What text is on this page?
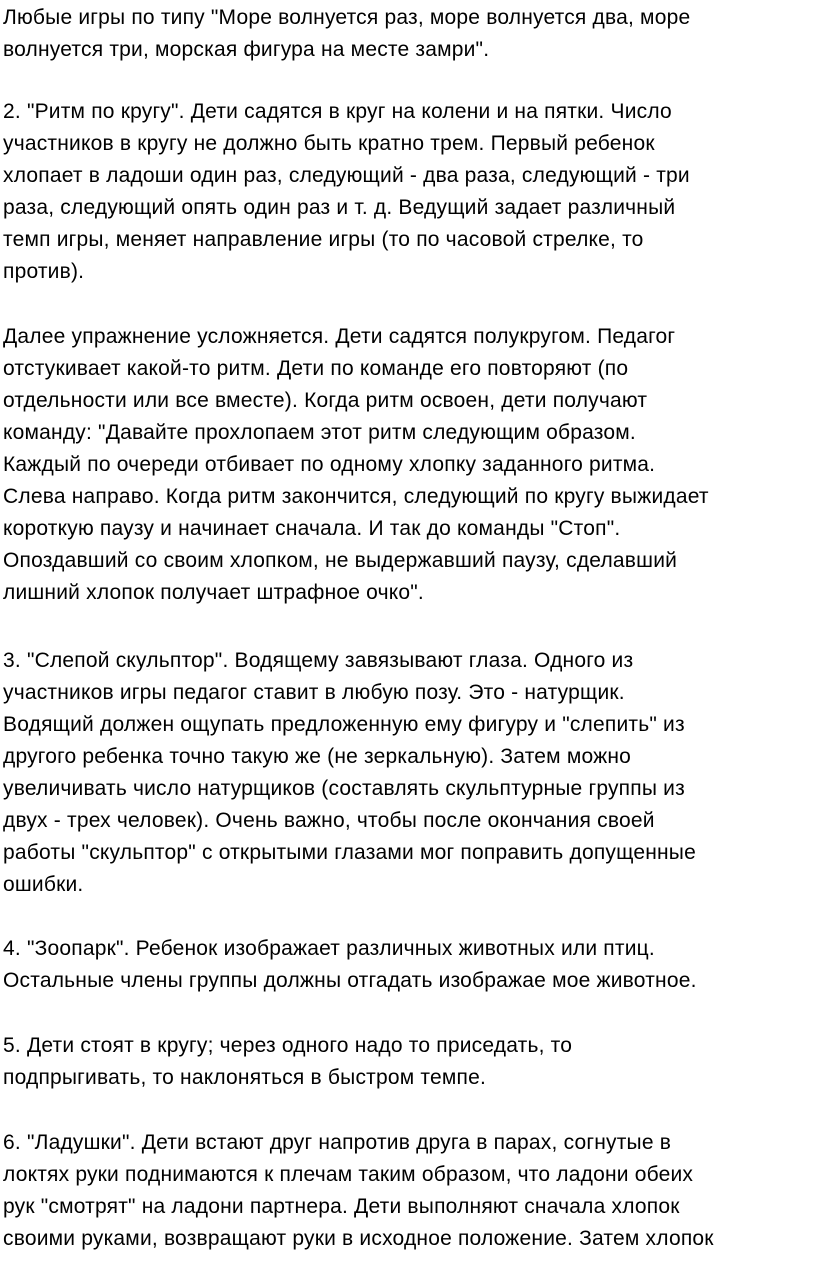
Любые игры по типу "Море волнуется раз, море волнуется два, море
волнуется три, морская фигура на месте замри".
2. "Ритм по кругу". Дети садятся в круг на колени и на пятки. Число
участников в кругу не должно быть кратно трем. Первый ребенок
хлопает в ладоши один раз, следующий - два раза, следующий - три
раза, следующий опять один раз и т. д. Ведущий задает различный
темп игры, меняет направление игры (то по часовой стрелке, то
против).
Далее упражнение усложняется. Дети садятся полукругом. Педагог
отстукивает какой-то ритм. Дети по команде его повторяют (по
отдельности или все вместе). Когда ритм освоен, дети получают
команду: "Давайте прохлопаем этот ритм следующим образом.
Каждый по очереди отбивает по одному хлопку заданного ритма.
Слева направо. Когда ритм закончится, следующий по кругу выжидает
короткую паузу и начинает сначала. И так до команды "Стоп".
Опоздавший со своим хлопком, не выдержавший паузу, сделавший
лишний хлопок получает штрафное очко".
3. "Слепой скульптор". Водящему завязывают глаза. Одного из
участников игры педагог ставит в любую позу. Это - натурщик.
Водящий должен ощупать предложенную ему фигуру и "слепить" из
другого ребенка точно такую же (не зеркальную). Затем можно
увеличивать число натурщиков (составлять скульптурные группы из
двух - трех человек). Очень важно, чтобы после окончания своей
работы "скульптор" с открытыми глазами мог поправить допущенные
ошибки.
4. "Зоопарк". Ребенок изображает различных животных или птиц.
Остальные члены группы должны отгадать изображае мое животное.
5. Дети стоят в кругу; через одного надо то приседать, то
подпрыгивать, то наклоняться в быстром темпе.
6. "Ладушки". Дети встают друг напротив друга в парах, согнутые в
локтях руки поднимаются к плечам таким образом, что ладони обеих
рук "смотрят" на ладони партнера. Дети выполняют сначала хлопок
своими руками, возвращают руки в исходное положение. Затем хлопок
